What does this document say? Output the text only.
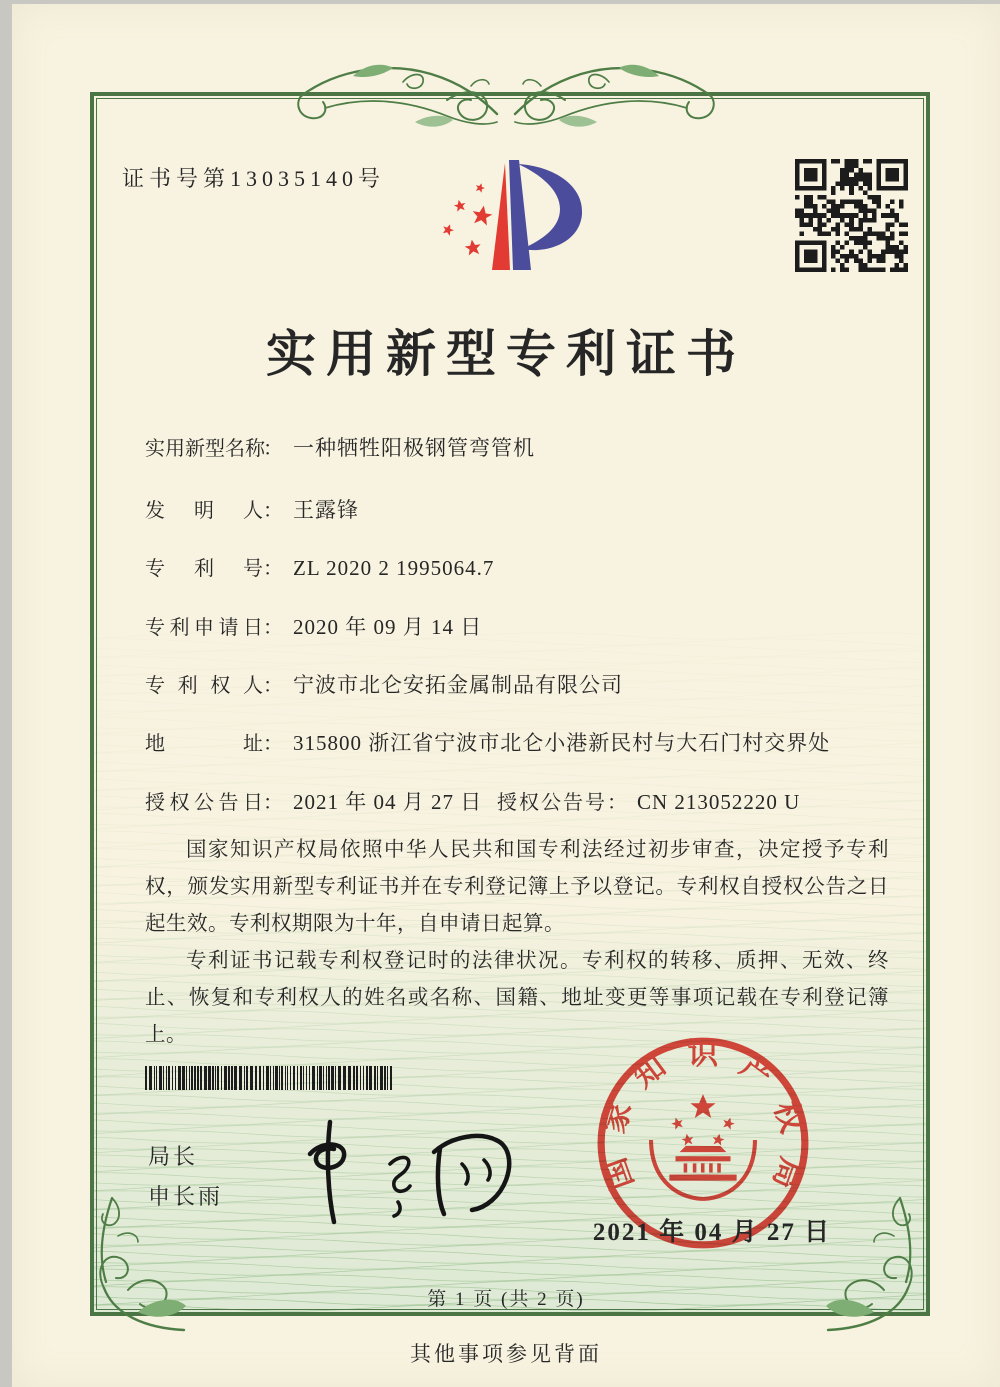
证书号第13035140号
实用新型专利证书
实用新型名称： 一种牺牲阳极钢管弯管机
发明人： 王露锋
专利号： ZL 2020 2 1995064.7
专利申请日： 2020 年 09 月 14 日
专利权人： 宁波市北仑安拓金属制品有限公司
地址： 315800 浙江省宁波市北仑小港新民村与大石门村交界处
授权公告日： 2021 年 04 月 27 日 授权公告号： CN 213052220 U

国家知识产权局依照中华人民共和国专利法经过初步审查，决定授予专利权，颁发实用新型专利证书并在专利登记簿上予以登记。专利权自授权公告之日起生效。专利权期限为十年，自申请日起算。

专利证书记载专利权登记时的法律状况。专利权的转移、质押、无效、终止、恢复和专利权人的姓名或名称、国籍、地址变更等事项记载在专利登记簿上。

局长
申长雨
国家知识产权局
2021 年 04 月 27 日
第 1 页 (共 2 页)
其他事项参见背面
